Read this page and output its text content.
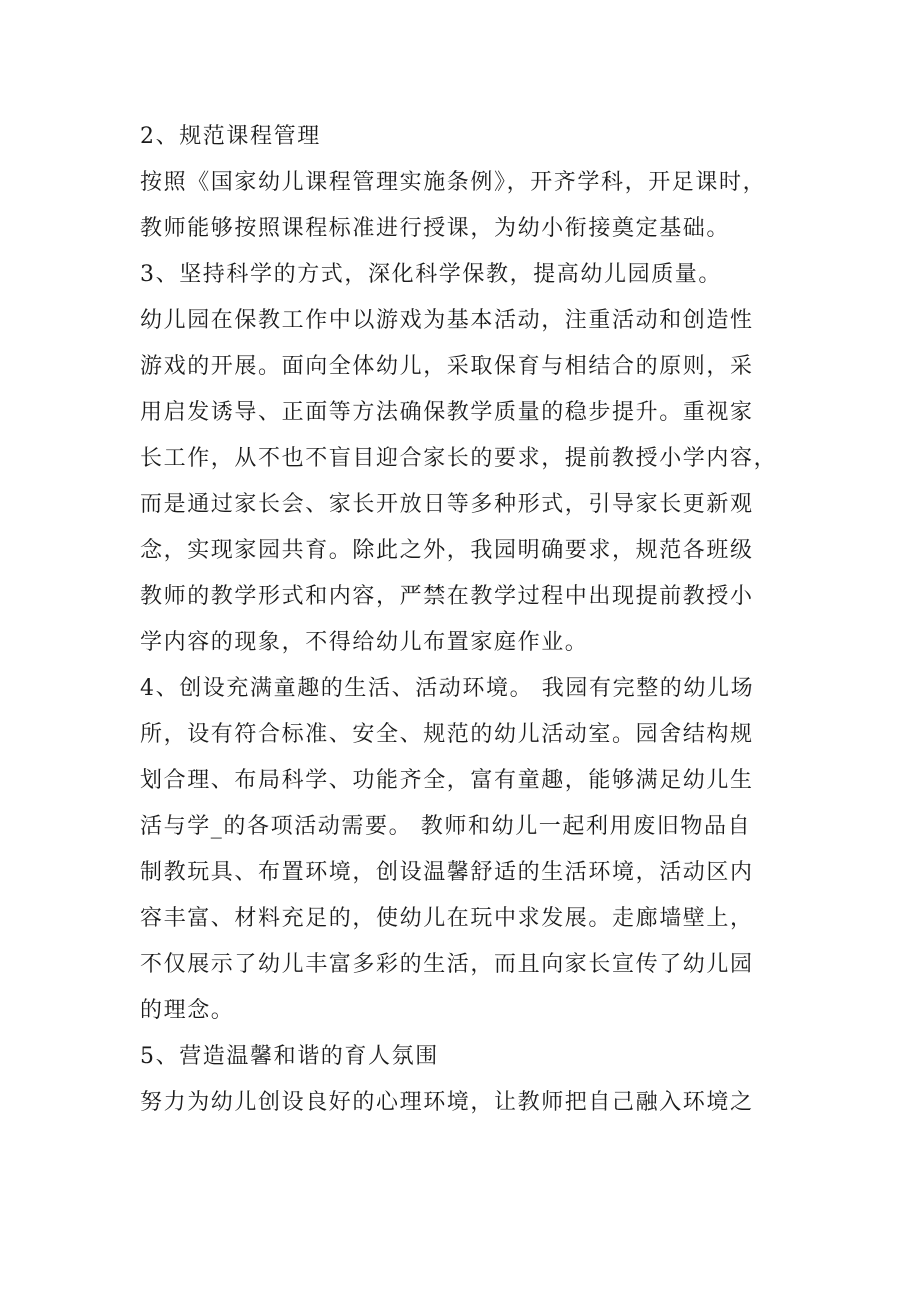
2、规范课程管理
按照《国家幼儿课程管理实施条例》，开齐学科，开足课时，
教师能够按照课程标准进行授课，为幼小衔接奠定基础。
3、坚持科学的方式，深化科学保教，提高幼儿园质量。
幼儿园在保教工作中以游戏为基本活动，注重活动和创造性
游戏的开展。面向全体幼儿，采取保育与相结合的原则，采
用启发诱导、正面等方法确保教学质量的稳步提升。重视家
长工作，从不也不盲目迎合家长的要求，提前教授小学内容，
而是通过家长会、家长开放日等多种形式，引导家长更新观
念，实现家园共育。除此之外，我园明确要求，规范各班级
教师的教学形式和内容，严禁在教学过程中出现提前教授小
学内容的现象，不得给幼儿布置家庭作业。
4、创设充满童趣的生活、活动环境。 我园有完整的幼儿场
所，设有符合标准、安全、规范的幼儿活动室。园舍结构规
划合理、布局科学、功能齐全，富有童趣，能够满足幼儿生
活与学_的各项活动需要。 教师和幼儿一起利用废旧物品自
制教玩具、布置环境，创设温馨舒适的生活环境，活动区内
容丰富、材料充足的，使幼儿在玩中求发展。走廊墙壁上，
不仅展示了幼儿丰富多彩的生活，而且向家长宣传了幼儿园
的理念。
5、营造温馨和谐的育人氛围
努力为幼儿创设良好的心理环境，让教师把自己融入环境之
